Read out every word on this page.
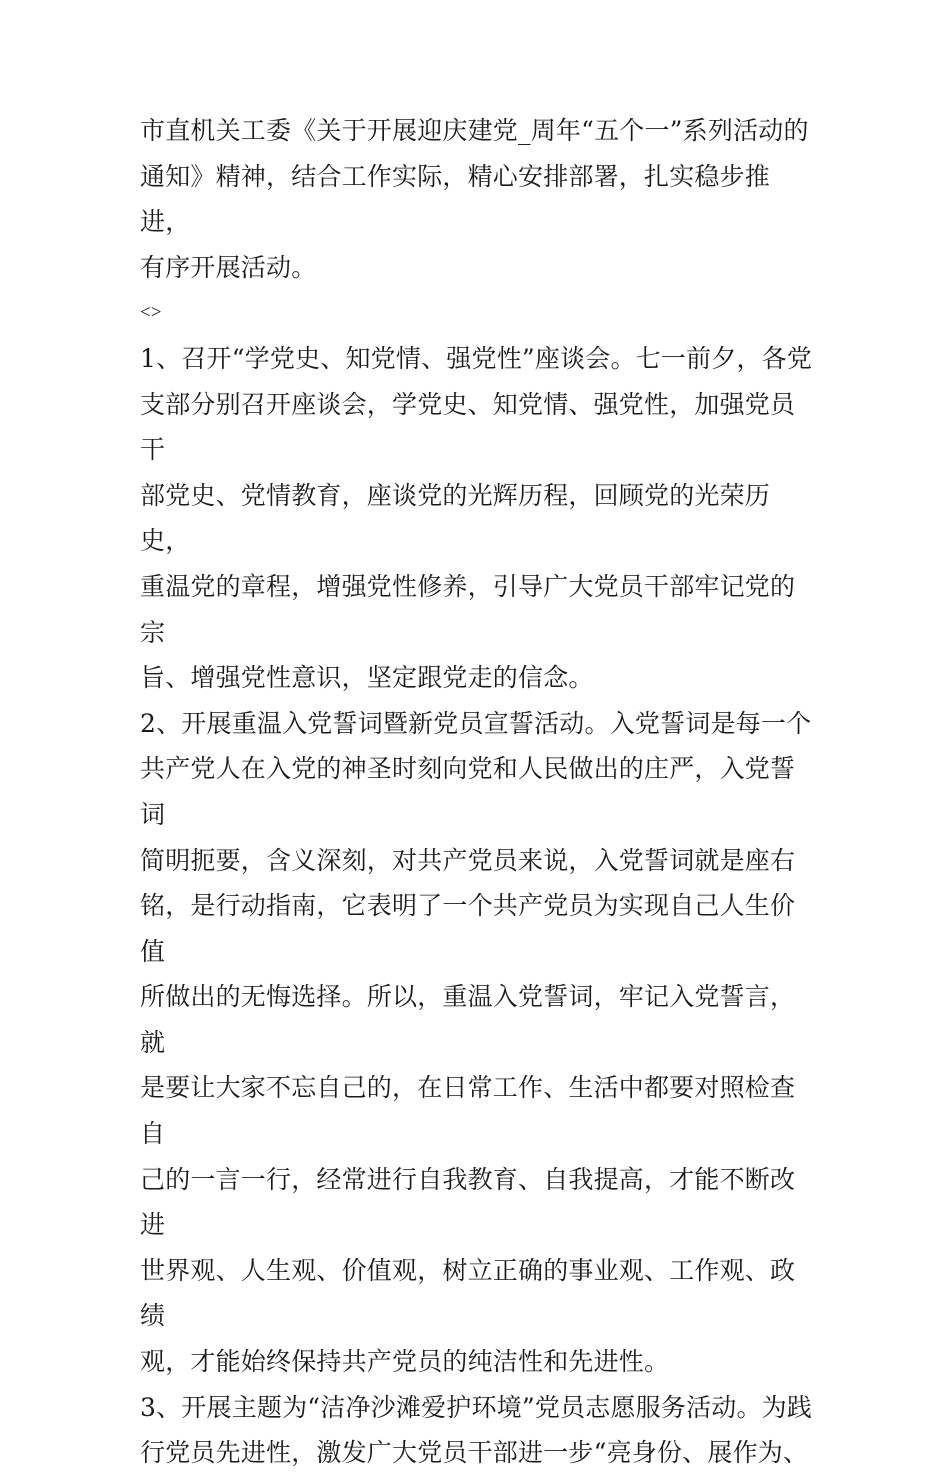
市直机关工委《关于开展迎庆建党_周年“五个一”系列活动的
通知》精神，结合工作实际，精心安排部署，扎实稳步推进，
有序开展活动。

<>

1、召开“学党史、知党情、强党性”座谈会。七一前夕，各党
支部分别召开座谈会，学党史、知党情、强党性，加强党员干
部党史、党情教育，座谈党的光辉历程，回顾党的光荣历史，
重温党的章程，增强党性修养，引导广大党员干部牢记党的宗
旨、增强党性意识，坚定跟党走的信念。

2、开展重温入党誓词暨新党员宣誓活动。入党誓词是每一个
共产党人在入党的神圣时刻向党和人民做出的庄严，入党誓词
简明扼要，含义深刻，对共产党员来说，入党誓词就是座右
铭，是行动指南，它表明了一个共产党员为实现自己人生价值
所做出的无悔选择。所以，重温入党誓词，牢记入党誓言，就
是要让大家不忘自己的，在日常工作、生活中都要对照检查自
己的一言一行，经常进行自我教育、自我提高，才能不断改进
世界观、人生观、价值观，树立正确的事业观、工作观、政绩
观，才能始终保持共产党员的纯洁性和先进性。

3、开展主题为“洁净沙滩爱护环境”党员志愿服务活动。为践
行党员先进性，激发广大党员干部进一步“亮身份、展作为、
